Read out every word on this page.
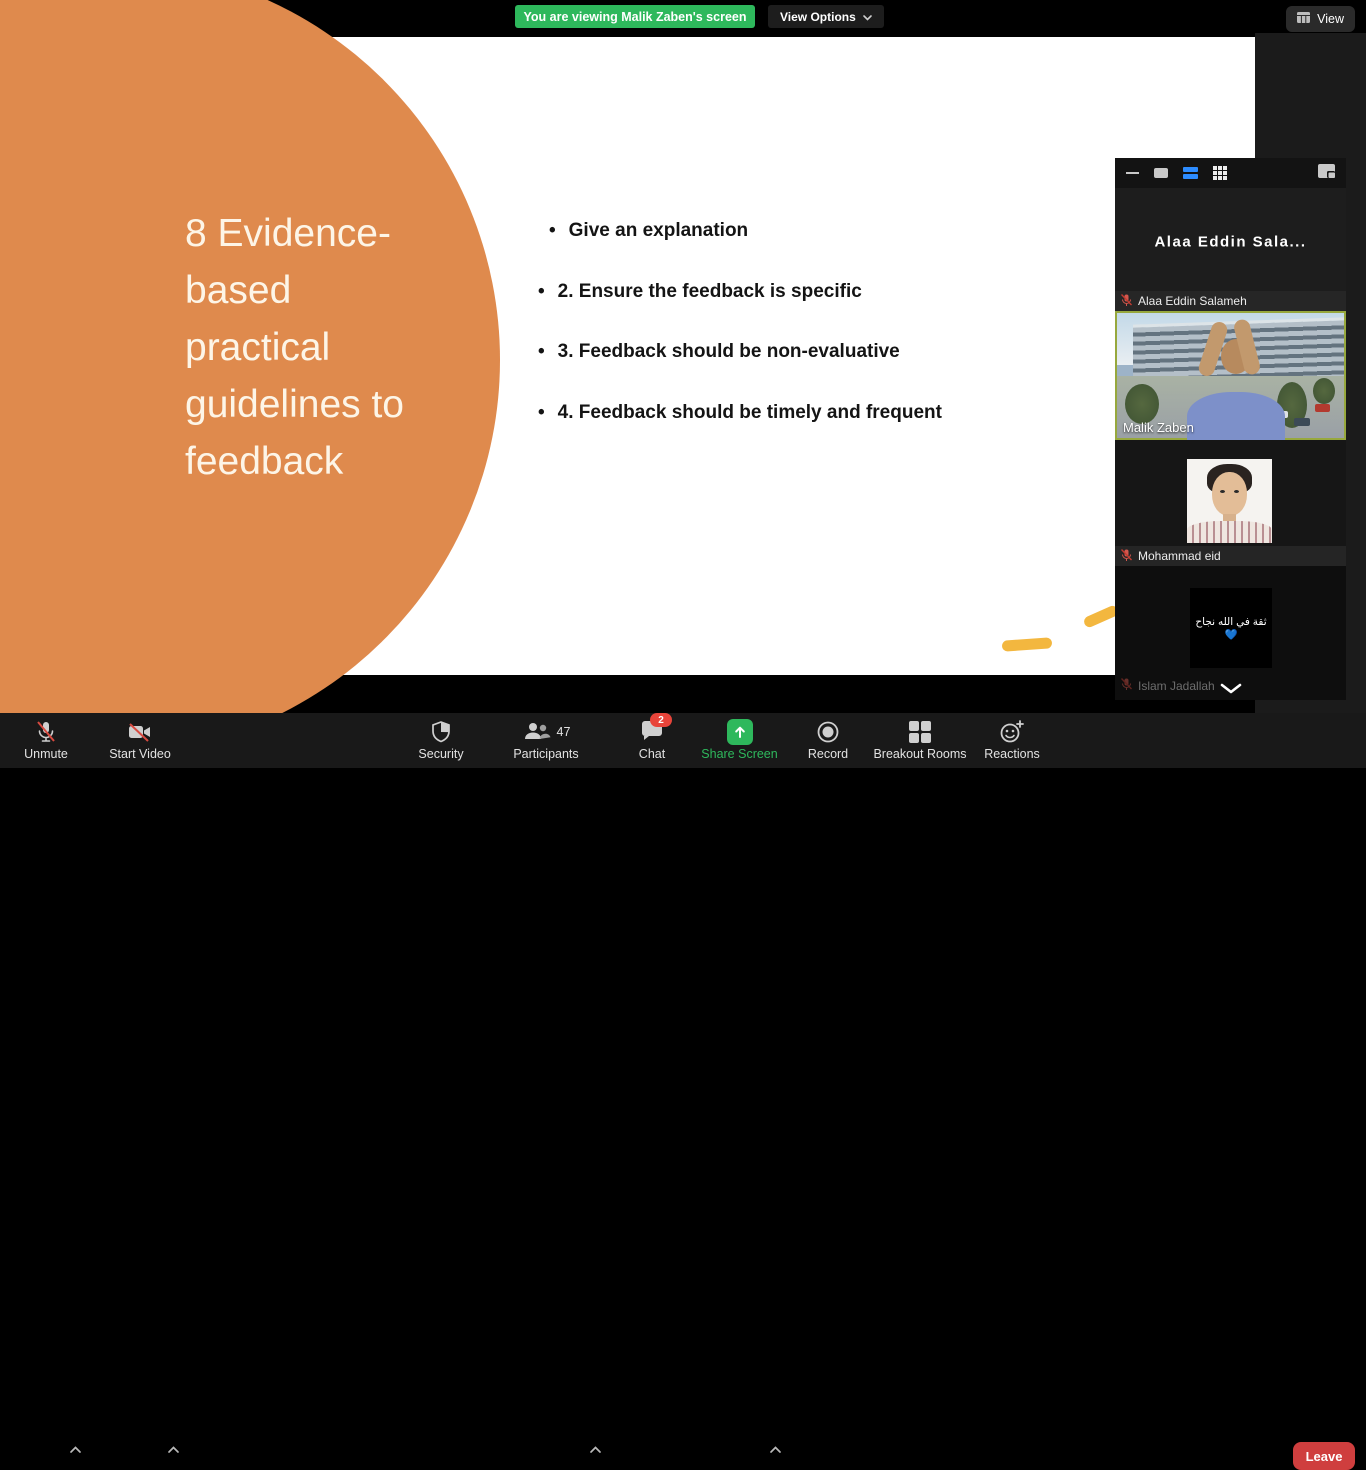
You are viewing Malik Zaben's screen	View Options	View
8 Evidence-
based
practical
guidelines to
feedback
• Give an explanation
• 2. Ensure the feedback is specific
• 3. Feedback should be non-evaluative
• 4. Feedback should be timely and frequent
Alaa Eddin Sala...
Alaa Eddin Salameh
Malik Zaben
Mohammad eid
ثقة في الله نجاح 💙
Islam Jadallah
Unmute	Start Video	Security
47
Participants
2
Chat	Share Screen Record Breakout Rooms Reactions
Leave
